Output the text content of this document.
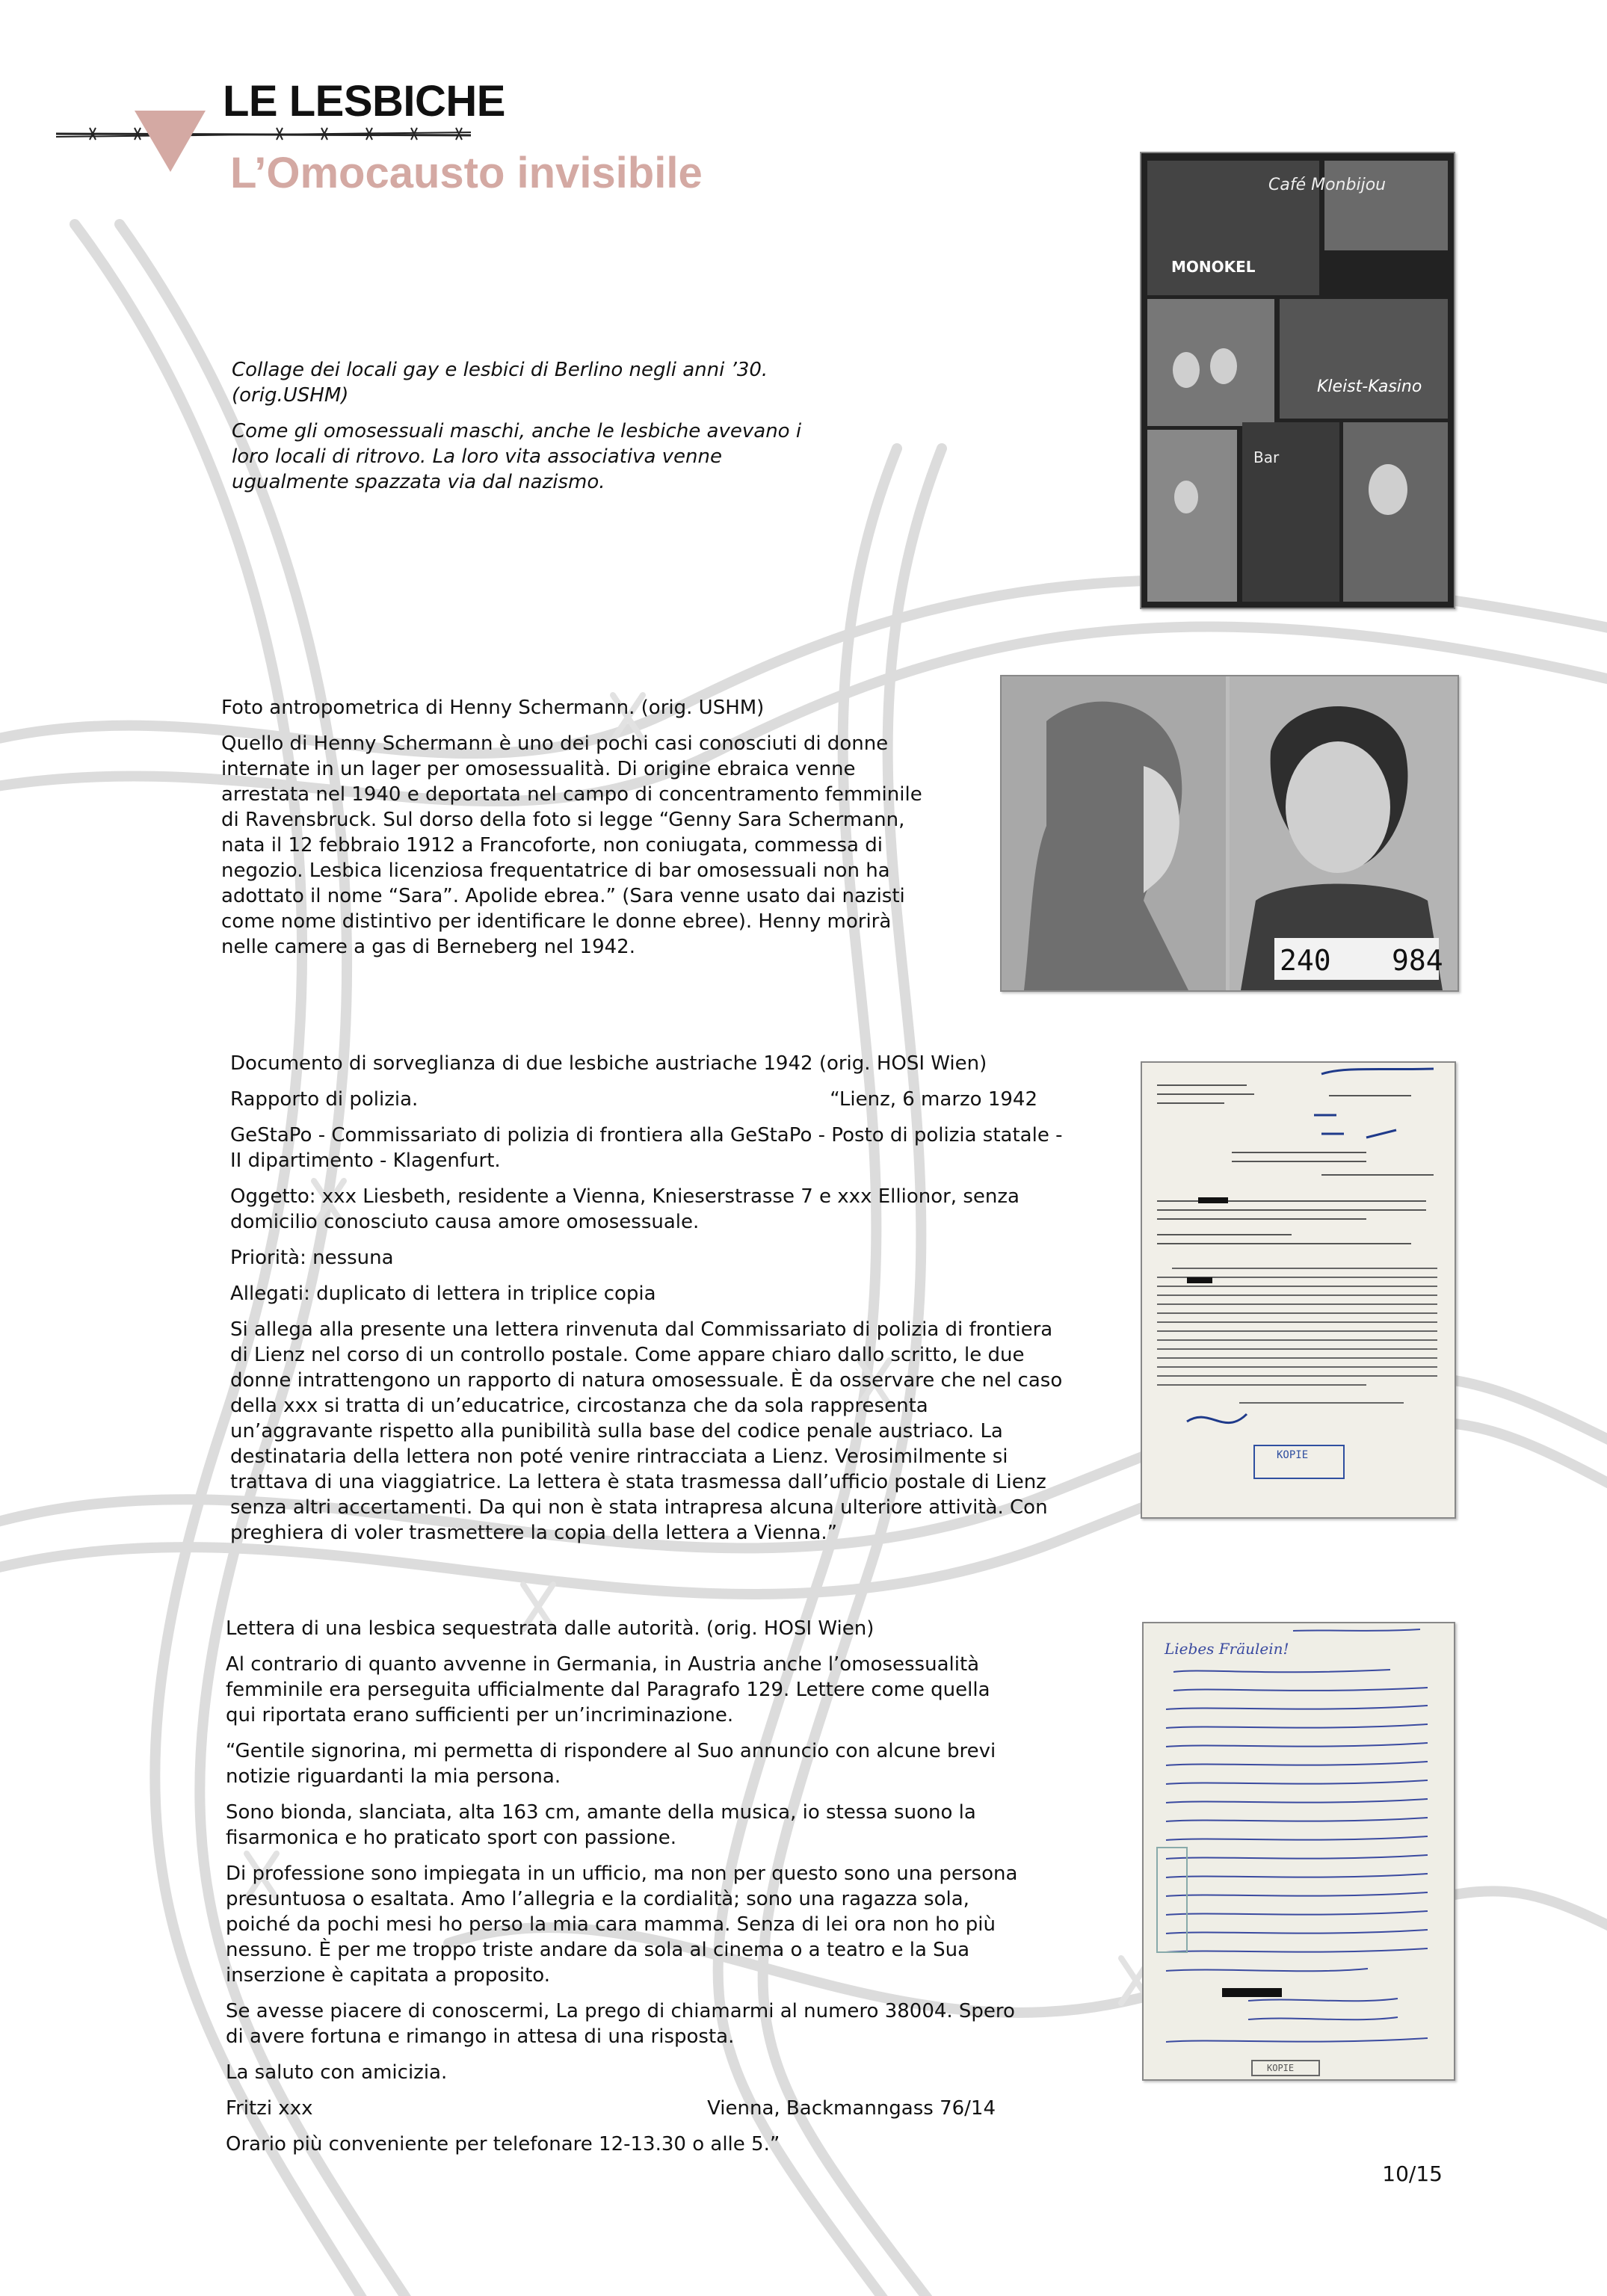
LE LESBICHE
L’Omocausto invisibile

Collage dei locali gay e lesbici di Berlino negli anni ’30. (orig.USHM)

Come gli omosessuali maschi, anche le lesbiche avevano i loro locali di ritrovo. La loro vita associativa venne ugualmente spazzata via dal nazismo.

Café Monbijou
MONOKEL
Kleist-Kasino
Bar

Foto antropometrica di Henny Schermann. (orig. USHM)

Quello di Henny Schermann è uno dei pochi casi conosciuti di donne internate in un lager per omosessualità. Di origine ebraica venne arrestata nel 1940 e deportata nel campo di concentramento femminile di Ravensbruck. Sul dorso della foto si legge “Genny Sara Schermann, nata il 12 febbraio 1912 a Francoforte, non coniugata, commessa di negozio. Lesbica licenziosa frequentatrice di bar omosessuali non ha adottato il nome “Sara”. Apolide ebrea.” (Sara venne usato dai nazisti come nome distintivo per identificare le donne ebree). Henny morirà nelle camere a gas di Berneberg nel 1942.	240 984

Documento di sorveglianza di due lesbiche austriache 1942 (orig. HOSI Wien)

Rapporto di polizia.	“Lienz, 6 marzo 1942

GeStaPo - Commissariato di polizia di frontiera alla GeStaPo - Posto di polizia statale - II dipartimento - Klagenfurt.

Oggetto: xxx Liesbeth, residente a Vienna, Knieserstrasse 7 e xxx Ellionor, senza domicilio conosciuto causa amore omosessuale.

Priorità: nessuna

Allegati: duplicato di lettera in triplice copia

Si allega alla presente una lettera rinvenuta dal Commissariato di polizia di frontiera di Lienz nel corso di un controllo postale. Come appare chiaro dallo scritto, le due donne intrattengono un rapporto di natura omosessuale. È da osservare che nel caso della xxx si tratta di un’educatrice, circostanza che da sola rappresenta un’aggravante rispetto alla punibilità sulla base del codice penale austriaco. La destinataria della lettera non poté venire rintracciata a Lienz. Verosimilmente si trattava di una viaggiatrice. La lettera è stata trasmessa dall’ufficio postale di Lienz senza altri accertamenti. Da qui non è stata intrapresa alcuna ulteriore attività. Con preghiera di voler trasmettere la copia della lettera a Vienna.”

KOPIE

Lettera di una lesbica sequestrata dalle autorità. (orig. HOSI Wien)

Al contrario di quanto avvenne in Germania, in Austria anche l’omosessualità femminile era perseguita ufficialmente dal Paragrafo 129. Lettere come quella qui riportata erano sufficienti per un’incriminazione.

“Gentile signorina, mi permetta di rispondere al Suo annuncio con alcune brevi notizie riguardanti la mia persona.

Sono bionda, slanciata, alta 163 cm, amante della musica, io stessa suono la fisarmonica e ho praticato sport con passione.

Di professione sono impiegata in un ufficio, ma non per questo sono una persona presuntuosa o esaltata. Amo l’allegria e la cordialità; sono una ragazza sola, poiché da pochi mesi ho perso la mia cara mamma. Senza di lei ora non ho più nessuno. È per me troppo triste andare da sola al cinema o a teatro e la Sua inserzione è capitata a proposito.

Se avesse piacere di conoscermi, La prego di chiamarmi al numero 38004. Spero di avere fortuna e rimango in attesa di una risposta.

La saluto con amicizia.

Fritzi xxx	Vienna, Backmanngass 76/14

Orario più conveniente per telefonare 12-13.30 o alle 5.”

Liebes Fräulein!
KOPIE
10/15
